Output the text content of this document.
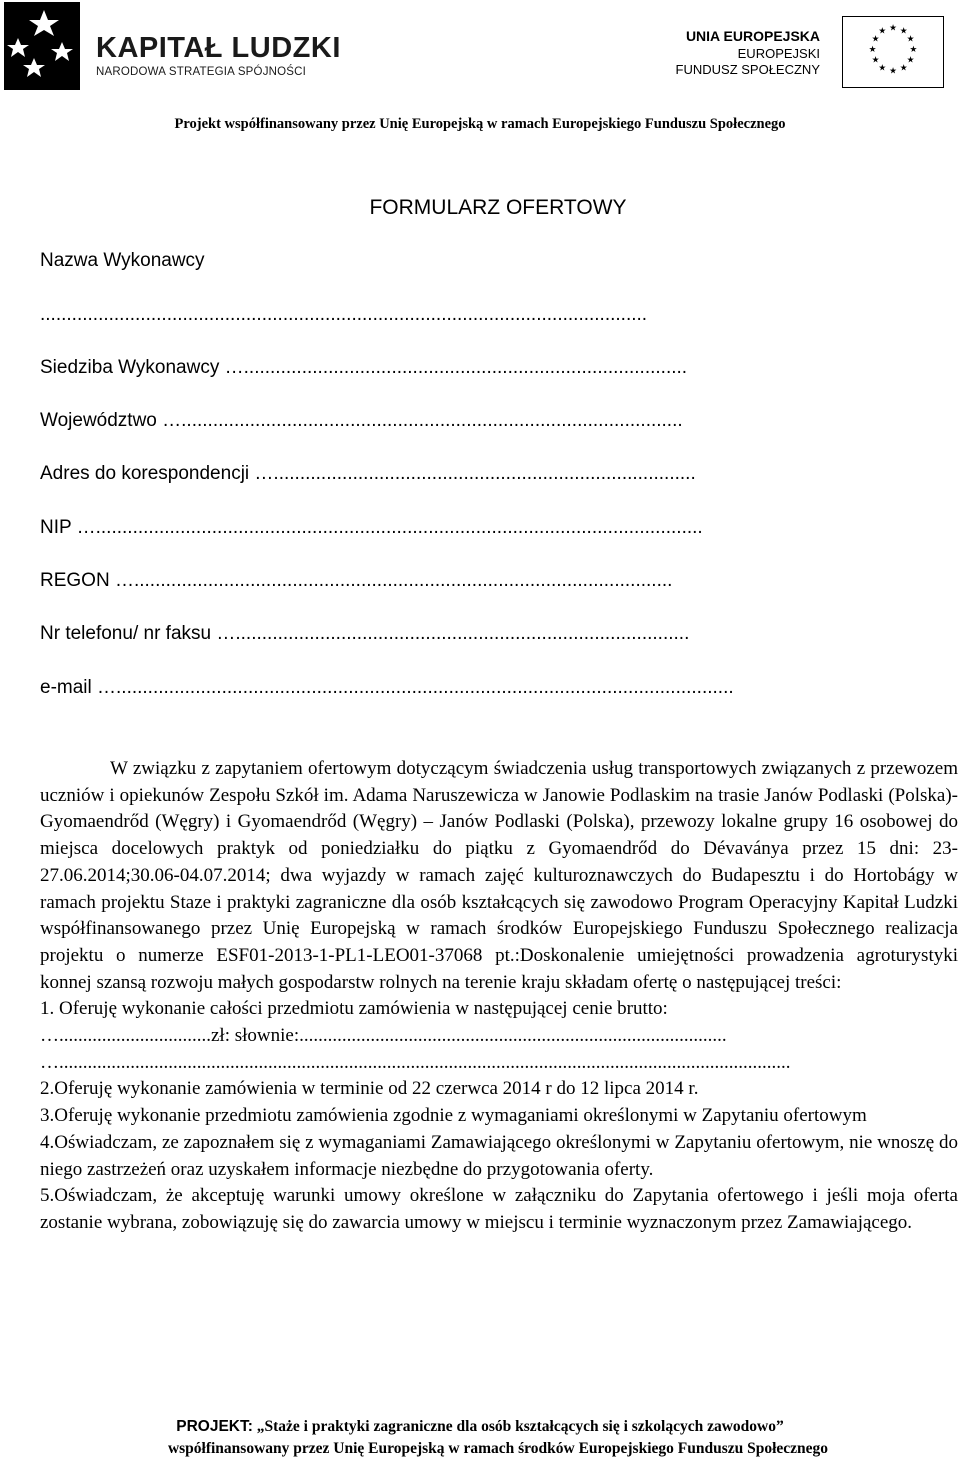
KAPITAŁ LUDZKI
NARODOWA STRATEGIA SPÓJNOŚCI
UNIA EUROPEJSKA
EUROPEJSKI
FUNDUSZ SPOŁECZNY
★ ★
★
★
★
★
★
★
★
★
★
★
Projekt współfinansowany przez Unię Europejską w ramach Europejskiego Funduszu Społecznego
FORMULARZ OFERTOWY
Nazwa Wykonawcy
...................................................................................................................
Siedziba Wykonawcy …....................................................................................
Województwo …...............................................................................................
Adres do korespondencji …................................................................................
NIP …...................................................................................................................
REGON …......................................................................................................
Nr telefonu/ nr faksu …......................................................................................
e-mail ….....................................................................................................................

W związku z zapytaniem ofertowym dotyczącym świadczenia usług transportowych związanych z przewozem uczniów i opiekunów Zespołu Szkół im. Adama Naruszewicza w Janowie Podlaskim na trasie Janów Podlaski (Polska)- Gyomaendrőd (Węgry) i Gyomaendrőd (Węgry) – Janów Podlaski (Polska), przewozy lokalne grupy 16 osobowej do miejsca docelowych praktyk od poniedziałku do piątku z Gyomaendrőd do Dévaványa przez 15 dni: 23-27.06.2014;30.06-04.07.2014; dwa wyjazdy w ramach zajęć kulturoznawczych do Budapesztu i do Hortobágy w ramach projektu Staze i praktyki zagraniczne dla osób kształcących się zawodowo Program Operacyjny Kapitał Ludzki współfinansowanego przez Unię Europejską w ramach środków Europejskiego Funduszu Społecznego realizacja projektu o numerze ESF01-2013-1-PL1-LEO01-37068 pt.:Doskonalenie umiejętności prowadzenia agroturystyki konnej szansą rozwoju małych gospodarstw rolnych na terenie kraju składam ofertę o następującej treści:

1. Oferuję wykonanie całości przedmiotu zamówienia w następującej cenie brutto:

…................................zł: słownie:..........................................................................................

…..........................................................................................................................................................

2.Oferuję wykonanie zamówienia w terminie od 22 czerwca 2014 r do 12 lipca 2014 r.

3.Oferuję wykonanie przedmiotu zamówienia zgodnie z wymaganiami określonymi w Zapytaniu ofertowym

4.Oświadczam, ze zapoznałem się z wymaganiami Zamawiającego określonymi w Zapytaniu ofertowym, nie wnoszę do niego zastrzeżeń oraz uzyskałem informacje niezbędne do przygotowania oferty.

5.Oświadczam, że akceptuję warunki umowy określone w załączniku do Zapytania ofertowego i jeśli moja oferta zostanie wybrana, zobowiązuję się do zawarcia umowy w miejscu i terminie wyznaczonym przez Zamawiającego.

PROJEKT: „Staże i praktyki zagraniczne dla osób kształcących się i szkolących zawodowo”
współfinansowany przez Unię Europejską w ramach środków Europejskiego Funduszu Społecznego
